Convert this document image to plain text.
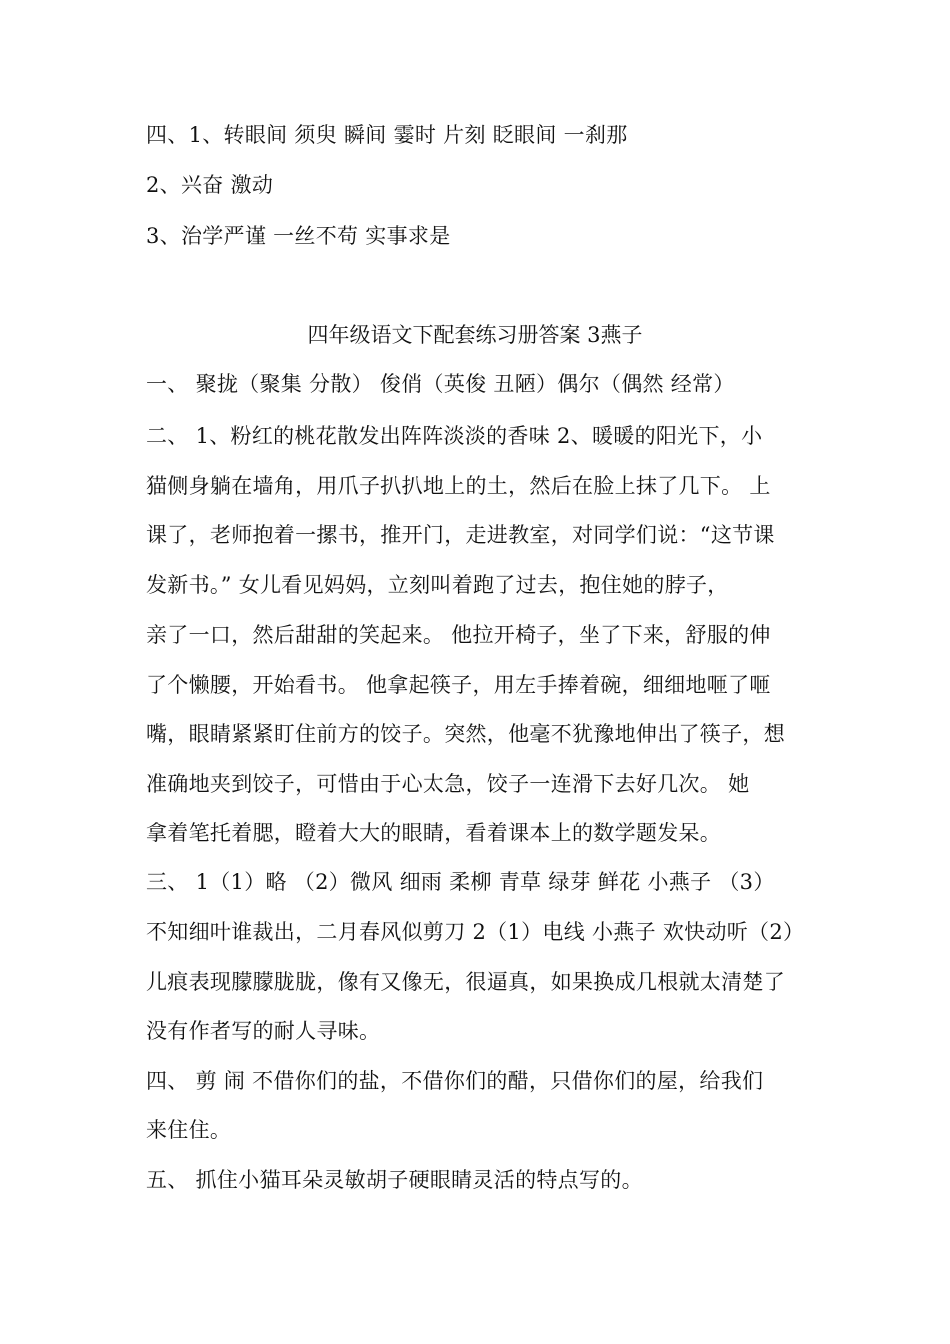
四、1、转眼间 须臾 瞬间 霎时 片刻 眨眼间 一刹那
2、兴奋 激动
3、治学严谨 一丝不苟 实事求是
四年级语文下配套练习册答案 3燕子
一、 聚拢（聚集 分散） 俊俏（英俊 丑陋）偶尔（偶然 经常）
二、 1、粉红的桃花散发出阵阵淡淡的香味 2、暖暖的阳光下，小
猫侧身躺在墙角，用爪子扒扒地上的土，然后在脸上抹了几下。 上
课了，老师抱着一摞书，推开门，走进教室，对同学们说：“这节课
发新书。” 女儿看见妈妈，立刻叫着跑了过去，抱住她的脖子，
亲了一口，然后甜甜的笑起来。 他拉开椅子，坐了下来，舒服的伸
了个懒腰，开始看书。 他拿起筷子，用左手捧着碗，细细地咂了咂
嘴，眼睛紧紧盯住前方的饺子。突然，他毫不犹豫地伸出了筷子，想
准确地夹到饺子，可惜由于心太急，饺子一连滑下去好几次。 她
拿着笔托着腮，瞪着大大的眼睛，看着课本上的数学题发呆。
三、 1（1）略 （2）微风 细雨 柔柳 青草 绿芽 鲜花 小燕子 （3）
不知细叶谁裁出，二月春风似剪刀 2（1）电线 小燕子 欢快动听（2）
儿痕表现朦朦胧胧，像有又像无，很逼真，如果换成几根就太清楚了
没有作者写的耐人寻味。
四、 剪 闹 不借你们的盐，不借你们的醋，只借你们的屋，给我们
来住住。
五、 抓住小猫耳朵灵敏胡子硬眼睛灵活的特点写的。
